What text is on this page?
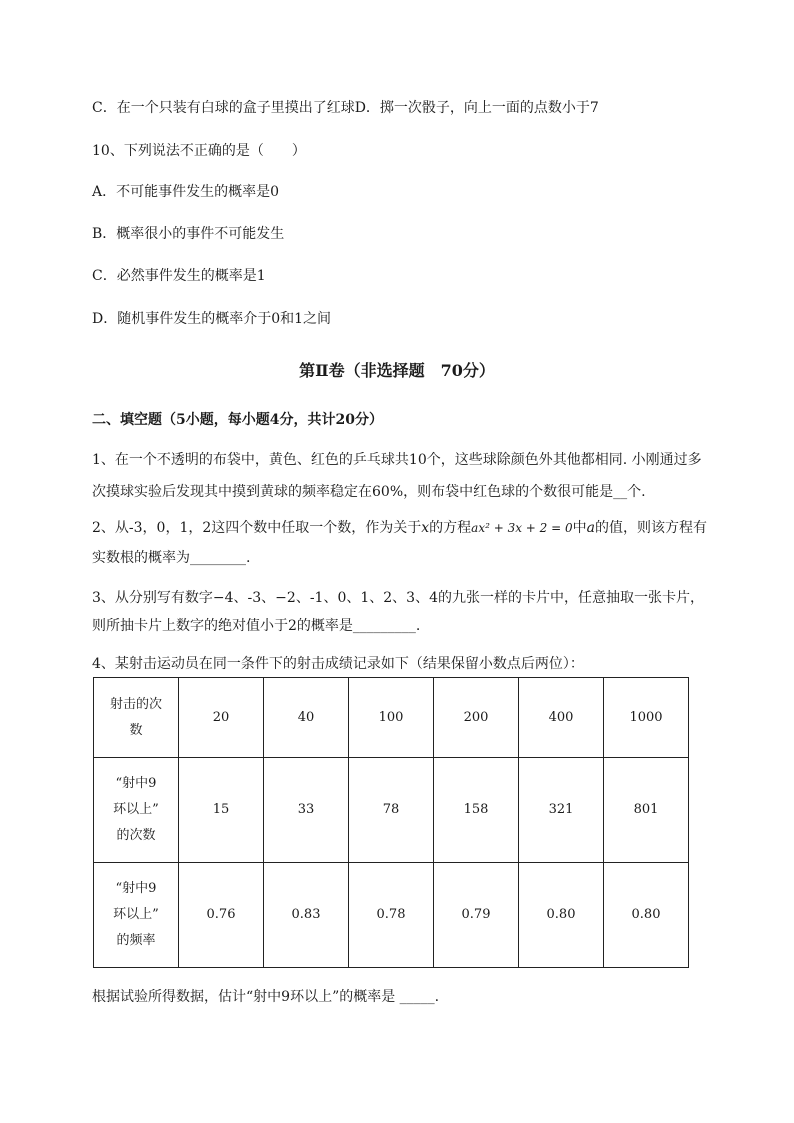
C．在一个只装有白球的盒子里摸出了红球D．掷一次骰子，向上一面的点数小于7
10、下列说法不正确的是（　　）
A．不可能事件发生的概率是0
B．概率很小的事件不可能发生
C．必然事件发生的概率是1
D．随机事件发生的概率介于0和1之间
第Ⅱ卷（非选择题　70分）
二、填空题（5小题，每小题4分，共计20分）
1、在一个不透明的布袋中，黄色、红色的乒乓球共10个，这些球除颜色外其他都相同. 小刚通过多
次摸球实验后发现其中摸到黄球的频率稳定在60%，则布袋中红色球的个数很可能是__个.
2、从-3，0，1，2这四个数中任取一个数，作为关于x的方程ax² + 3x + 2 = 0中a的值，则该方程有
实数根的概率为________.
3、从分别写有数字−4、-3、−2、-1、0、1、2、3、4的九张一样的卡片中，任意抽取一张卡片，
则所抽卡片上数字的绝对值小于2的概率是_________.
4、某射击运动员在同一条件下的射击成绩记录如下（结果保留小数点后两位）：
射击的次
数	20	40	100	200	400	1000

“射中9
环以上”
的次数	15	33	78	158	321	801

“射中9
环以上”
的频率	0.76	0.83	0.78	0.79	0.80	0.80
根据试验所得数据，估计“射中9环以上”的概率是 _____.
